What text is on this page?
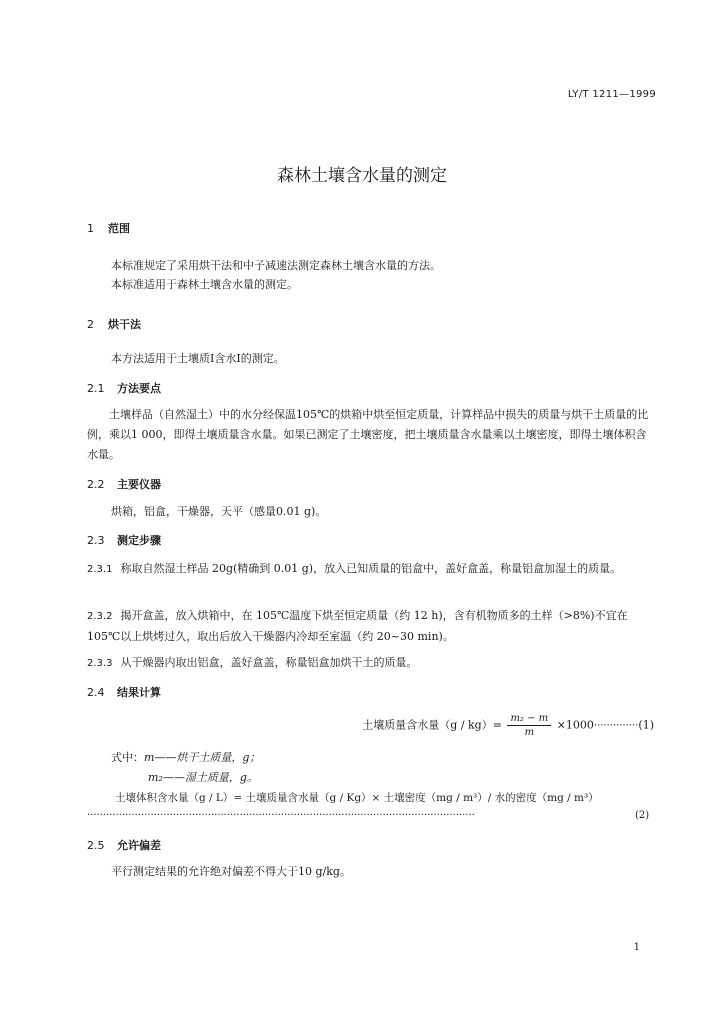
LY/T 1211—1999
森林土壤含水量的测定
1 范围
本标准规定了采用烘干法和中子减速法测定森林土壤含水量的方法。
本标准适用于森林土壤含水量的测定。
2 烘干法
本方法适用于土壤质I含水I的测定。
2.1 方法要点
土壤样品（自然湿土）中的水分经保温105℃的烘箱中烘至恒定质量，计算样品中损失的质量与烘干土质量的比例，乘以1 000，即得土壤质量含水量。如果已测定了土壤密度，把土壤质量含水量乘以土壤密度，即得土壤体积含水量。
2.2 主要仪器
烘箱，铝盒，干燥器，天平（感量0.01 g)。
2.3 测定步骤
2.3.1 称取自然湿土样品 20g(精确到 0.01 g)，放入已知质量的铝盒中，盖好盒盖，称量铝盒加湿土的质量。
2.3.2 揭开盒盖，放入烘箱中，在 105℃温度下烘至恒定质量（约 12 h)，含有机物质多的土样（>8%)不宜在 105℃以上烘烤过久，取出后放入干燥器内冷却至室温（约 20~30 min)。
2.3.3 从干燥器内取出铝盒，盖好盒盖，称量铝盒加烘干土的质量。
2.4 结果计算
土壤质量含水量$(g / kg)= \frac{\text{m₂ − m}}{m} \times 1000\cdot\cdot\cdot\cdot\cdot\cdot\cdot\cdot\cdot\cdot\cdot\cdot\cdot\cdot(1)$
式中：m——烘干土质量，g；
m₂——湿土质量，g。
土壤体积含水量（g / L）= 土壤质量含水量（g / Kg）× 土壤密度（mg / m³）/ 水的密度（mg / m³）
··························································································································	(2)
2.5 允许偏差
平行测定结果的允许绝对偏差不得大于10 g/kg。
1
